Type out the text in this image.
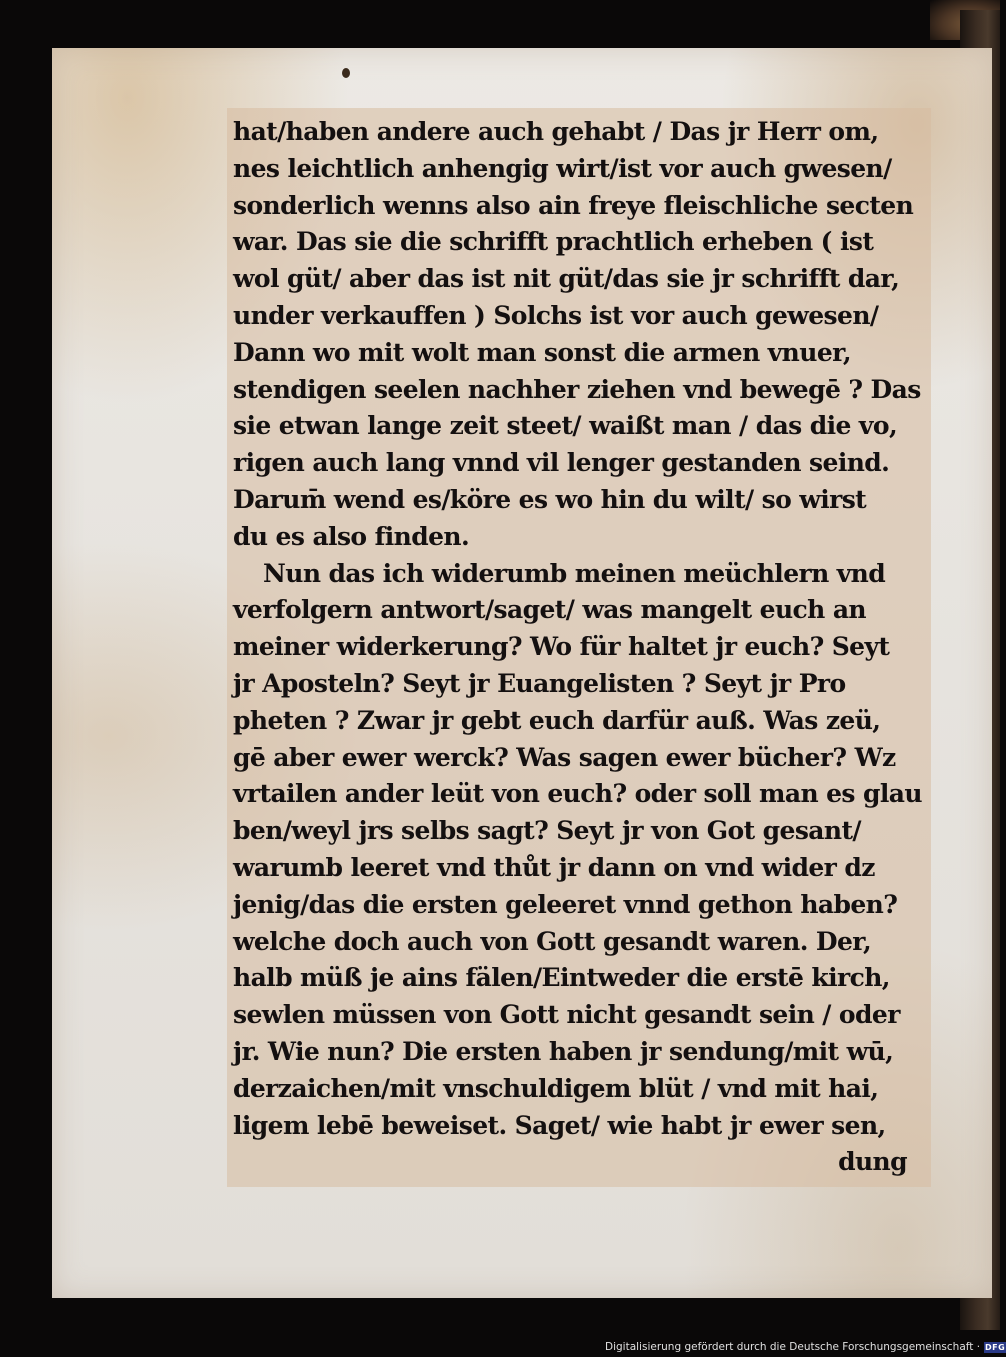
hat/haben andere auch gehabt / Das jr Herr om,
nes leichtlich anhengig wirt/ist vor auch gwesen/
sonderlich wenns also ain freye fleischliche secten
war. Das sie die schrifft prachtlich erheben ( ist
wol güt/ aber das ist nit güt/das sie jr schrifft dar,
under verkauffen ) Solchs ist vor auch gewesen/
Dann wo mit wolt man sonst die armen vnuer,
stendigen seelen nachher ziehen vnd bewegē ? Das
sie etwan lange zeit steet/ waißt man / das die vo,
rigen auch lang vnnd vil lenger gestanden seind.
Darum̄ wend es/köre es wo hin du wilt/ so wirst
du es also finden.
Nun das ich widerumb meinen meüchlern vnd
verfolgern antwort/saget/ was mangelt euch an
meiner widerkerung? Wo für haltet jr euch? Seyt
jr Aposteln? Seyt jr Euangelisten ? Seyt jr Pro
pheten ? Zwar jr gebt euch darfür auß. Was zeü,
gē aber ewer werck? Was sagen ewer bücher? Wz
vrtailen ander leüt von euch? oder soll man es glau
ben/weyl jrs selbs sagt? Seyt jr von Got gesant/
warumb leeret vnd thůt jr dann on vnd wider dz
jenig/das die ersten geleeret vnnd gethon haben?
welche doch auch von Gott gesandt waren. Der,
halb müß je ains fälen/Eintweder die erstē kirch,
sewlen müssen von Gott nicht gesandt sein / oder
jr. Wie nun? Die ersten haben jr sendung/mit wū,
derzaichen/mit vnschuldigem blüt / vnd mit hai,
ligem lebē beweiset. Saget/ wie habt jr ewer sen,
dung
Digitalisierung gefördert durch die Deutsche Forschungsgemeinschaft · DFG
